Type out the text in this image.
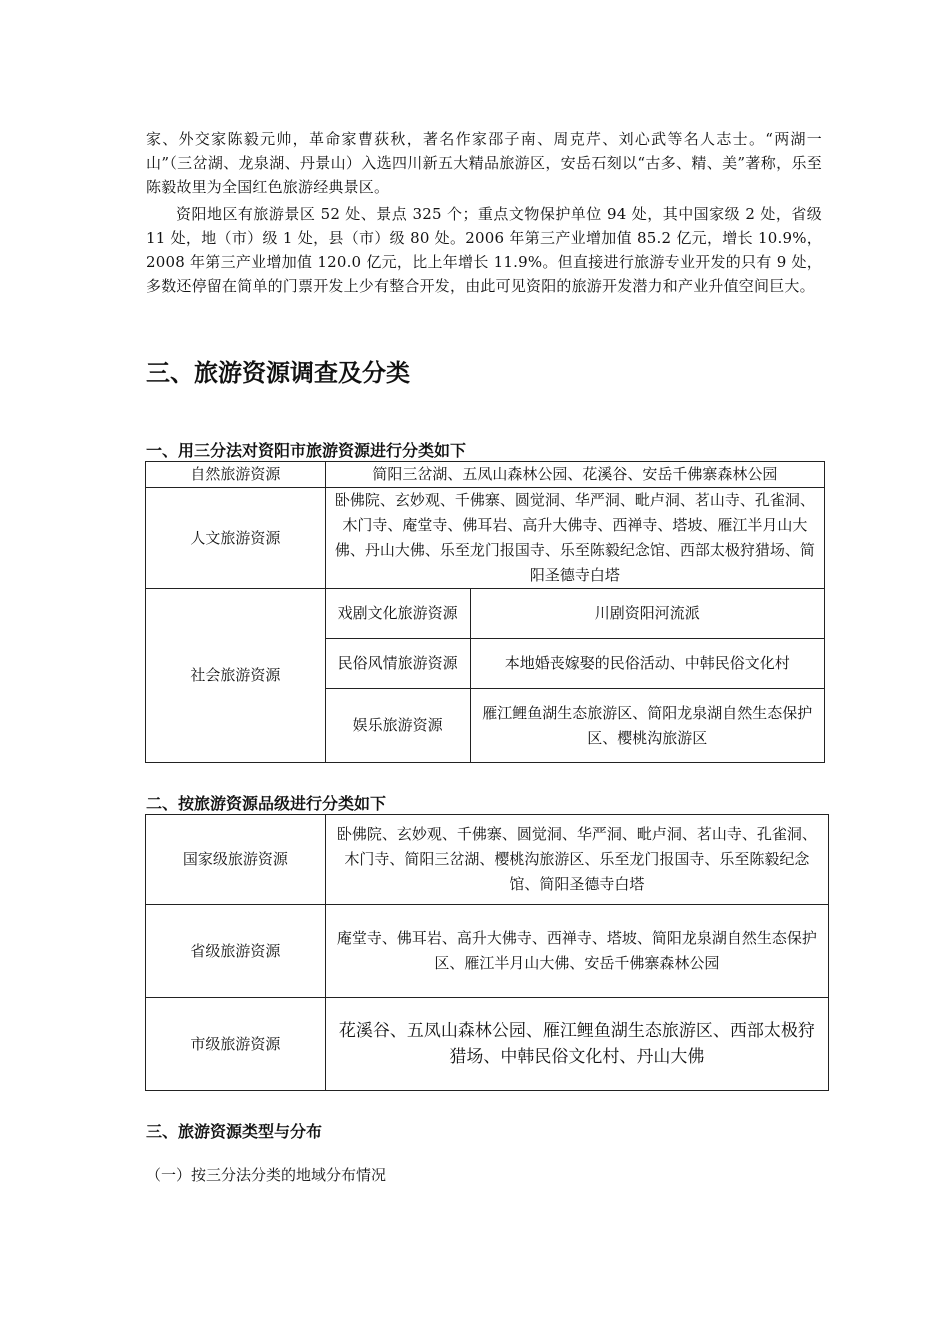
家、外交家陈毅元帅，革命家曹荻秋，著名作家邵子南、周克芹、刘心武等名人志士。“两湖一山”（三岔湖、龙泉湖、丹景山）入选四川新五大精品旅游区，安岳石刻以“古多、精、美”著称，乐至陈毅故里为全国红色旅游经典景区。

资阳地区有旅游景区 52 处、景点 325 个；重点文物保护单位 94 处，其中国家级 2 处，省级 11 处，地（市）级 1 处，县（市）级 80 处。2006 年第三产业增加值 85.2 亿元，增长 10.9%，2008 年第三产业增加值 120.0 亿元，比上年增长 11.9%。但直接进行旅游专业开发的只有 9 处，多数还停留在简单的门票开发上少有整合开发，由此可见资阳的旅游开发潜力和产业升值空间巨大。

三、旅游资源调查及分类
一、用三分法对资阳市旅游资源进行分类如下
自然旅游资源	简阳三岔湖、五凤山森林公园、花溪谷、安岳千佛寨森林公园	
人文旅游资源	卧佛院、玄妙观、千佛寨、圆觉洞、华严洞、毗卢洞、茗山寺、孔雀洞、木门寺、庵堂寺、佛耳岩、高升大佛寺、西禅寺、塔坡、雁江半月山大佛、丹山大佛、乐至龙门报国寺、乐至陈毅纪念馆、西部太极狩猎场、简阳圣德寺白塔	
社会旅游资源	戏剧文化旅游资源	川剧资阳河流派
	民俗风情旅游资源	本地婚丧嫁娶的民俗活动、中韩民俗文化村
	娱乐旅游资源	雁江鲤鱼湖生态旅游区、简阳龙泉湖自然生态保护区、樱桃沟旅游区
二、按旅游资源品级进行分类如下
国家级旅游资源	卧佛院、玄妙观、千佛寨、圆觉洞、华严洞、毗卢洞、茗山寺、孔雀洞、木门寺、简阳三岔湖、樱桃沟旅游区、乐至龙门报国寺、乐至陈毅纪念馆、简阳圣德寺白塔
省级旅游资源	庵堂寺、佛耳岩、高升大佛寺、西禅寺、塔坡、简阳龙泉湖自然生态保护区、雁江半月山大佛、安岳千佛寨森林公园
市级旅游资源	花溪谷、五凤山森林公园、雁江鲤鱼湖生态旅游区、西部太极狩猎场、中韩民俗文化村、丹山大佛
三、旅游资源类型与分布

（一）按三分法分类的地域分布情况
